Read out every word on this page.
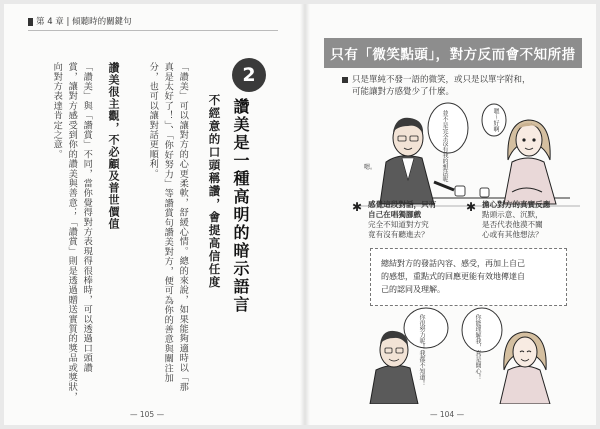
第 4 章 | 傾聽時的關鍵句
2
讚美是一種高明的暗示語言
不經意的口頭稱讚，會提高信任度
「讚美」可以讓對方的心更柔軟，舒緩心情。總的來說，如果能夠適時以「那
真是太好了！」、「你好努力」等讚賞句讚美對方，便可為你的善意與關注加
分，也可以讓對話更順利。
讚美很主觀，不必顧及普世價值
「讚美」與「讚賞」不同，當你覺得對方表現得很棒時，可以透過口頭讚
賞，讓對方感受到你的讚美與善意；「讚賞」則是透過贈送實質的獎品或獎狀，
向對方表達肯定之意。
— 105 —
只有「微笑點頭」，對方反而會不知所措
只是單純不發一語的微笑，或只是以單字附和，
可能讓對方感覺少了什麼。
並不是完全沒有我的想法呢	嗯～好啊
嗯。
✱ 感覺這段對話，只有
自己在唱獨腳戲
完全不知道對方究
竟有沒有聽進去？
✱ 擔心對方的真實反應
點頭示意、沉默，
是否代表他漠不關
心或有其他想法？
總結對方的發話內容、感受，再加上自己
的感想，重點式的回應更能有效地傳達自
己的認同及理解。
你很努力呢！我都不知道！	你能理解我，真是開心！
— 104 —
